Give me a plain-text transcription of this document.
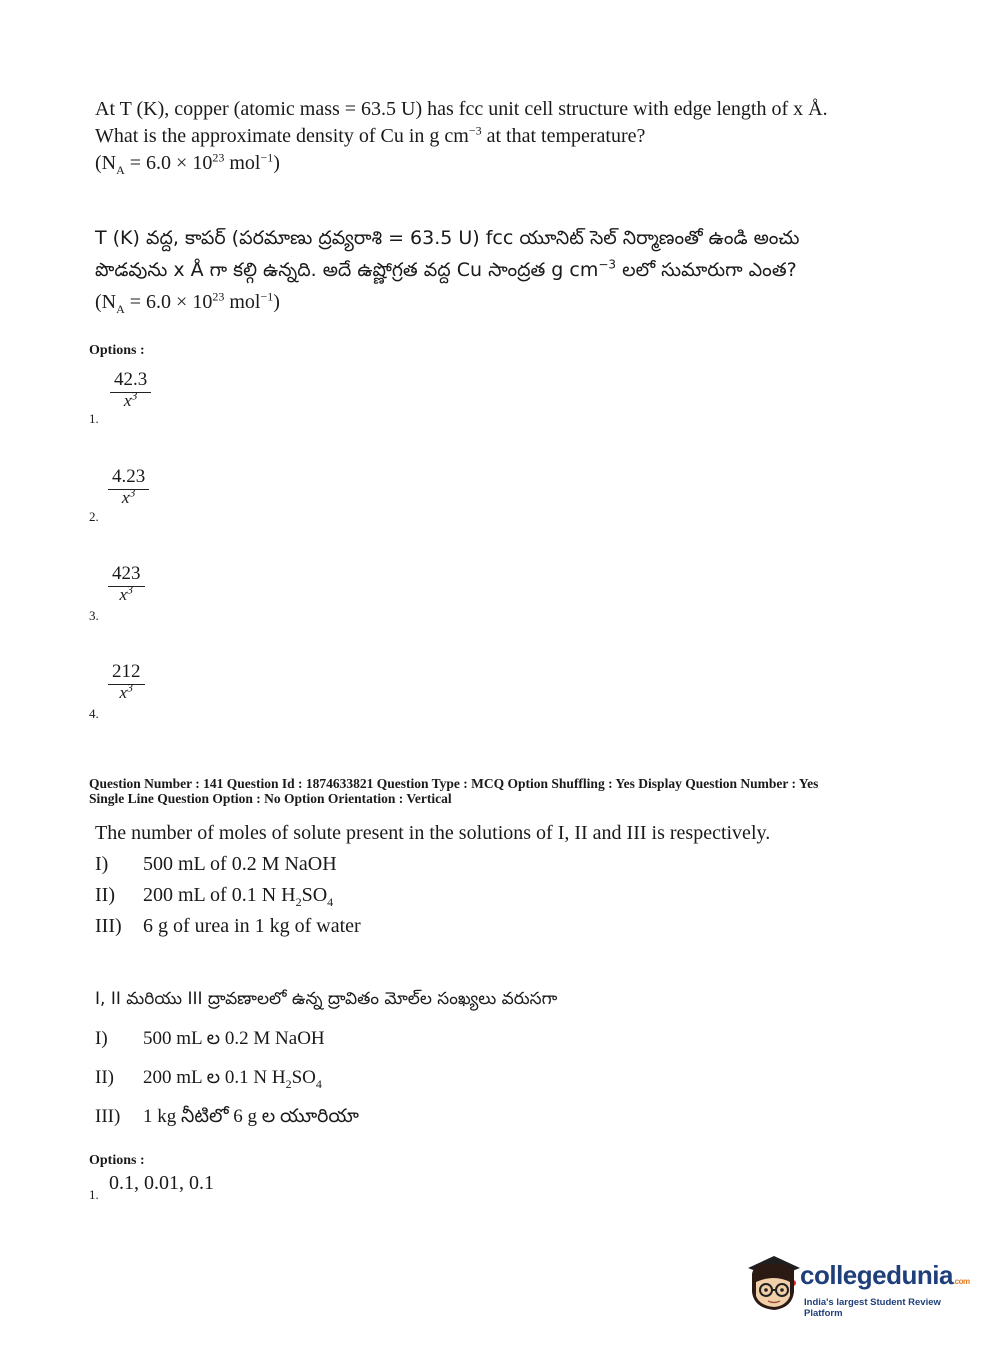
At T (K), copper (atomic mass = 63.5 U) has fcc unit cell structure with edge length of x Å.
What is the approximate density of Cu in g $cm^{-3}$ at that temperature?
($N_A = 6.0 \times 10^{23}$ mol$^{-1}$)
T (K) వద్ద, కాపర్ (పరమాణు ద్రవ్యరాశి = 63.5 U) fcc యూనిట్ సెల్ నిర్మాణంతో ఉండి అంచు
పొడవును x Å గా కల్గి ఉన్నది. అదే ఉష్ణోగ్రత వద్ద Cu సాంద్రత g $cm^{-3}$ లలో సుమారుగా ఎంత?
($N_A = 6.0 \times 10^{23}$ mol$^{-1}$)
Options :
1.
42.3
$x^3$
2.
4.23
$x^3$
3.
423
$x^3$
4.
212
$x^3$
Question Number : 141 Question Id : 1874633821 Question Type : MCQ Option Shuffling : Yes Display Question Number : Yes
Single Line Question Option : No Option Orientation : Vertical
The number of moles of solute present in the solutions of I, II and III is respectively.
I)	500 mL of 0.2 M NaOH
II)	200 mL of 0.1 N $H_2SO_4$
III)	6 g of urea in 1 kg of water
I, II మరియు III ద్రావణాలలో ఉన్న ద్రావితం మోల్‌ల సంఖ్యలు వరుసగా
I)	500 mL ల 0.2 M NaOH
II)	200 mL ల 0.1 N $H_2SO_4$
III)	1 kg నీటిలో 6 g ల యూరియా
Options :
1.
0.1, 0.01, 0.1
collegedunia.com
India's largest Student Review Platform
